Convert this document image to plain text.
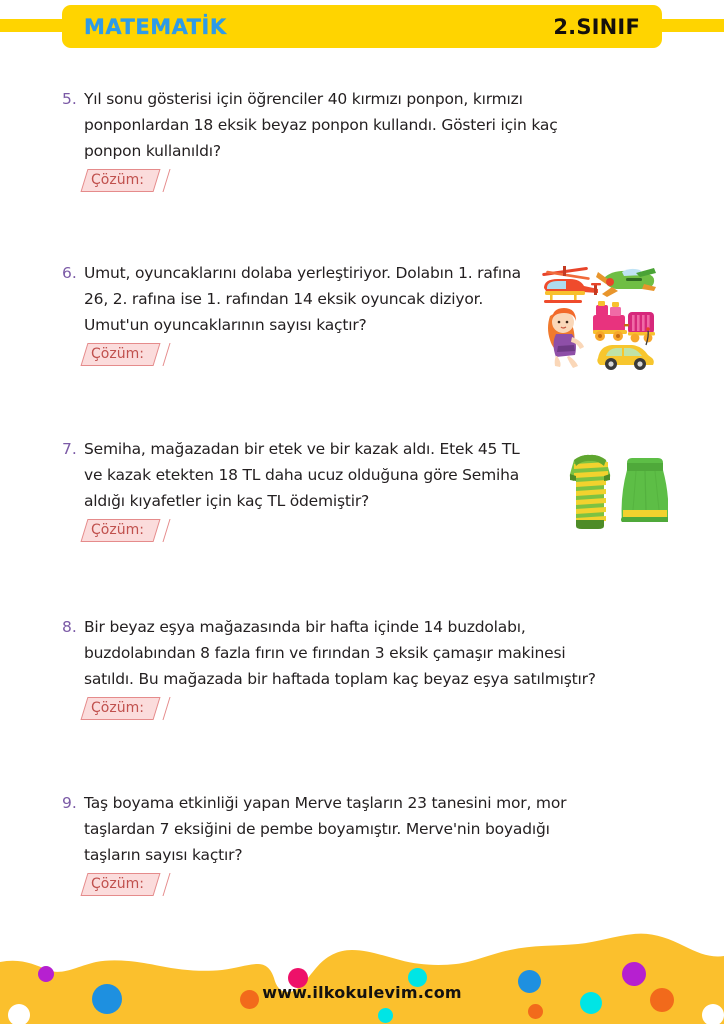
MATEMATİK	2.SINIF
5. Yıl sonu gösterisi için öğrenciler 40 kırmızı ponpon, kırmızı ponponlardan 18 eksik beyaz ponpon kullandı. Gösteri için kaç ponpon kullanıldı?
Çözüm:
6. Umut, oyuncaklarını dolaba yerleştiriyor. Dolabın 1. rafına 26, 2. rafına ise 1. rafından 14 eksik oyuncak diziyor. Umut'un oyuncaklarının sayısı kaçtır?
Çözüm:
7. Semiha, mağazadan bir etek ve bir kazak aldı. Etek 45 TL ve kazak etekten 18 TL daha ucuz olduğuna göre Semiha aldığı kıyafetler için kaç TL ödemiştir?
Çözüm:
8. Bir beyaz eşya mağazasında bir hafta içinde 14 buzdolabı, buzdolabından 8 fazla fırın ve fırından 3 eksik çamaşır makinesi satıldı. Bu mağazada bir haftada toplam kaç beyaz eşya satılmıştır?
Çözüm:
9. Taş boyama etkinliği yapan Merve taşların 23 tanesini mor, mor taşlardan 7 eksiğini de pembe boyamıştır. Merve'nin boyadığı taşların sayısı kaçtır?
Çözüm:
www.ilkokulevim.com
